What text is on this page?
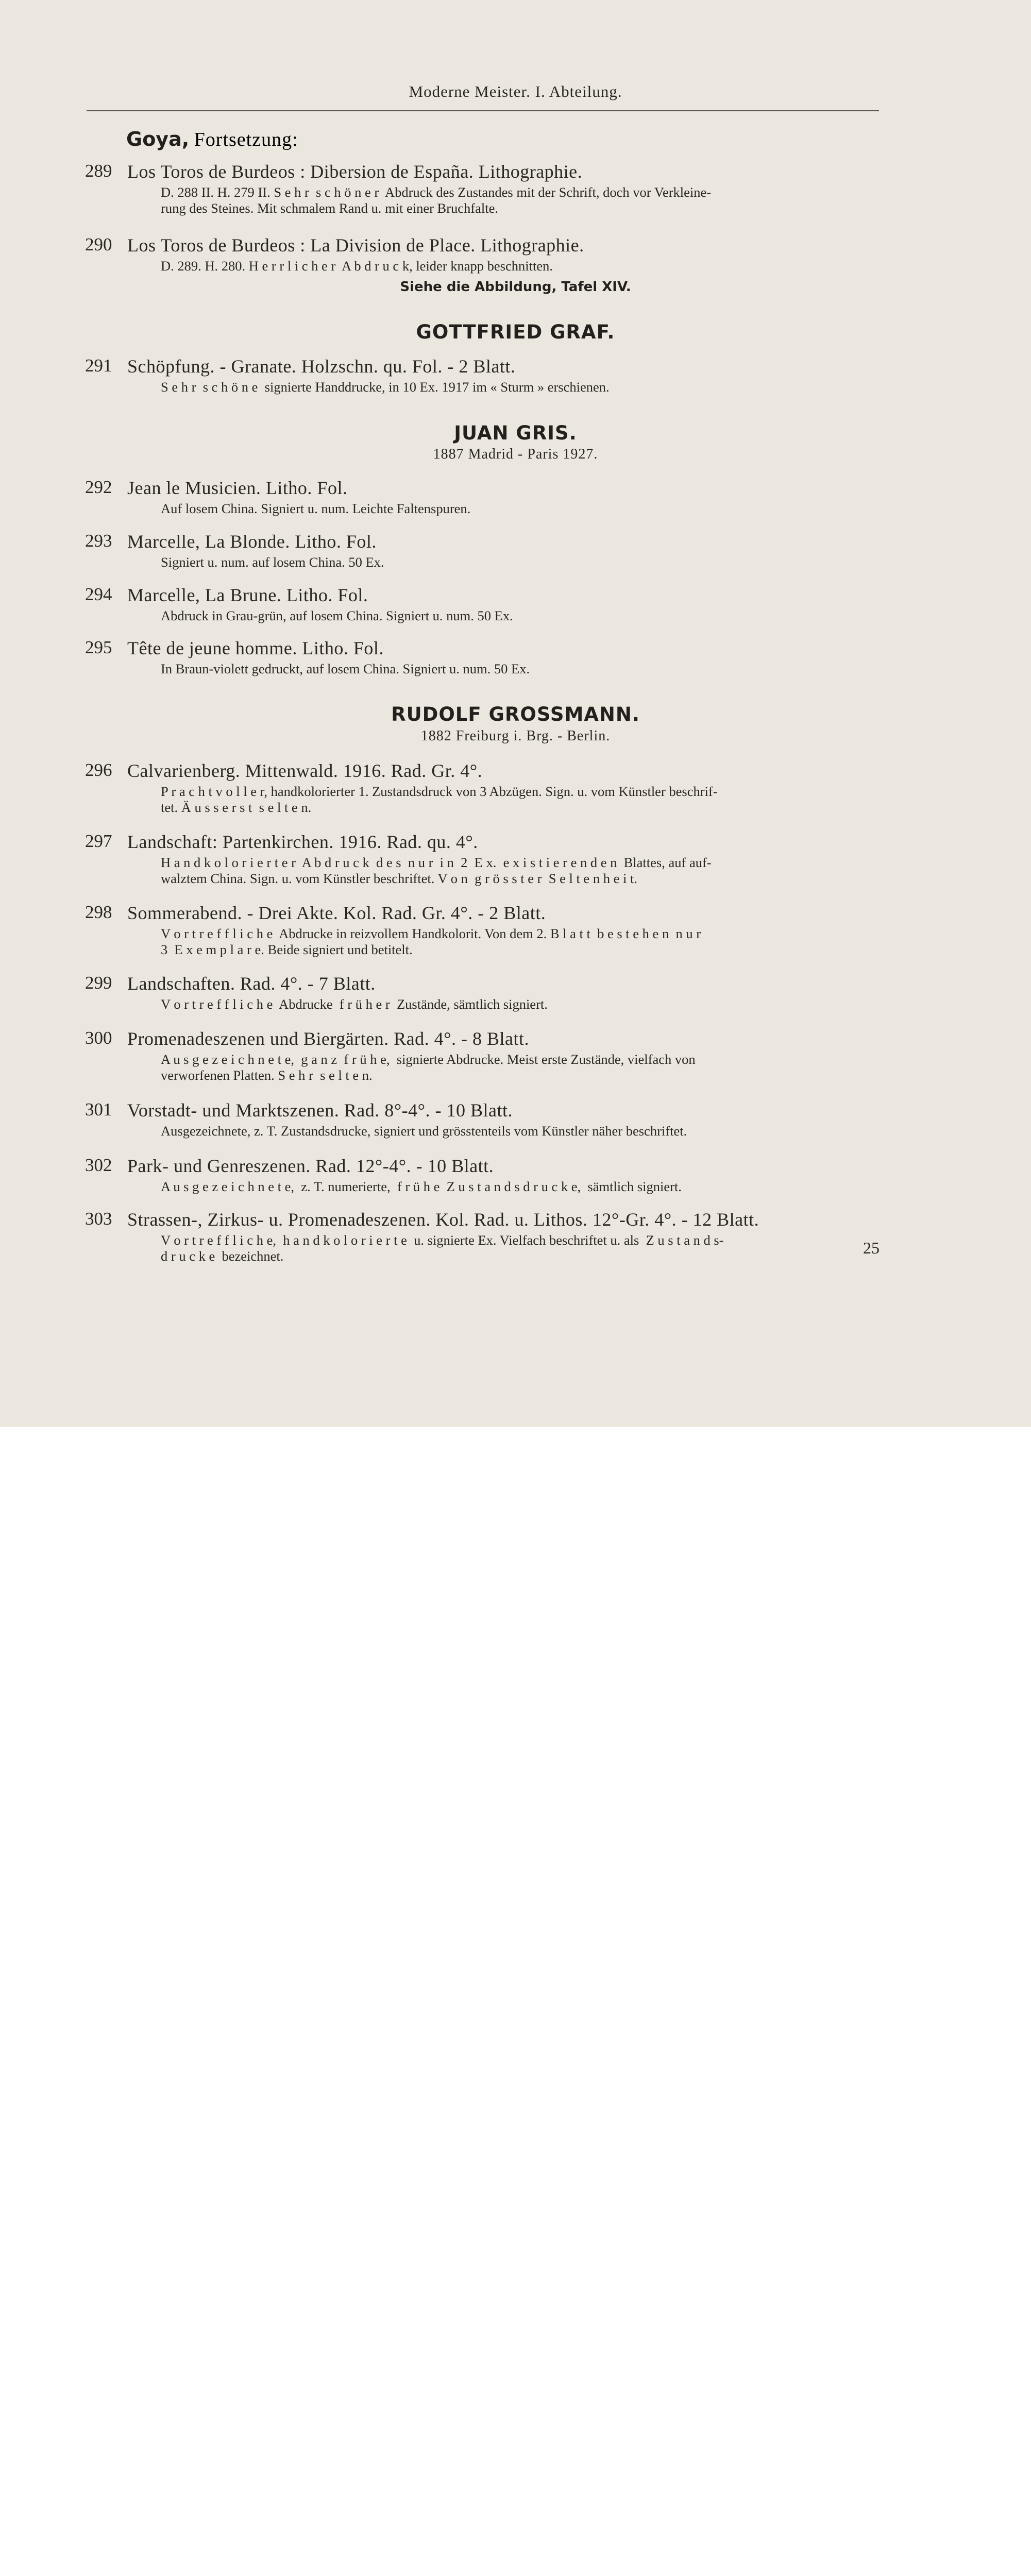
Moderne Meister. I. Abteilung.
Goya, Fortsetzung:
289 Los Toros de Burdeos : Dibersion de España. Lithographie.
D. 288 II. H. 279 II. S e h r  s c h ö n e r  Abdruck des Zustandes mit der Schrift, doch vor Verkleine-
rung des Steines. Mit schmalem Rand u. mit einer Bruchfalte.
290 Los Toros de Burdeos : La Division de Place. Lithographie.
D. 289. H. 280. H e r r l i c h e r  A b d r u c k, leider knapp beschnitten.
Siehe die Abbildung, Tafel XIV.
GOTTFRIED GRAF.
291 Schöpfung. - Granate. Holzschn. qu. Fol. - 2 Blatt.
S e h r  s c h ö n e  signierte Handdrucke, in 10 Ex. 1917 im « Sturm » erschienen.
JUAN GRIS.
1887 Madrid - Paris 1927.
292 Jean le Musicien. Litho. Fol.
Auf losem China. Signiert u. num. Leichte Faltenspuren.
293 Marcelle, La Blonde. Litho. Fol.
Signiert u. num. auf losem China. 50 Ex.
294 Marcelle, La Brune. Litho. Fol.
Abdruck in Grau-grün, auf losem China. Signiert u. num. 50 Ex.
295 Tête de jeune homme. Litho. Fol.
In Braun-violett gedruckt, auf losem China. Signiert u. num. 50 Ex.
RUDOLF GROSSMANN.
1882 Freiburg i. Brg. - Berlin.
296 Calvarienberg. Mittenwald. 1916. Rad. Gr. 4°.
P r a c h t v o l l e r, handkolorierter 1. Zustandsdruck von 3 Abzügen. Sign. u. vom Künstler beschrif-
tet. Ä u s s e r s t  s e l t e n.
297 Landschaft: Partenkirchen. 1916. Rad. qu. 4°.
H a n d k o l o r i e r t e r  A b d r u c k  d e s  n u r  i n  2  E x.  e x i s t i e r e n d e n  Blattes, auf auf-
walztem China. Sign. u. vom Künstler beschriftet. V o n  g r ö s s t e r  S e l t e n h e i t.
298 Sommerabend. - Drei Akte. Kol. Rad. Gr. 4°. - 2 Blatt.
V o r t r e f f l i c h e  Abdrucke in reizvollem Handkolorit. Von dem 2. B l a t t  b e s t e h e n  n u r
3  E x e m p l a r e. Beide signiert und betitelt.
299 Landschaften. Rad. 4°. - 7 Blatt.
V o r t r e f f l i c h e  Abdrucke  f r ü h e r  Zustände, sämtlich signiert.
300 Promenadeszenen und Biergärten. Rad. 4°. - 8 Blatt.
A u s g e z e i c h n e t e,  g a n z  f r ü h e,  signierte Abdrucke. Meist erste Zustände, vielfach von
verworfenen Platten. S e h r  s e l t e n.
301 Vorstadt- und Marktszenen. Rad. 8°-4°. - 10 Blatt.
Ausgezeichnete, z. T. Zustandsdrucke, signiert und grösstenteils vom Künstler näher beschriftet.
302 Park- und Genreszenen. Rad. 12°-4°. - 10 Blatt.
A u s g e z e i c h n e t e,  z. T. numerierte,  f r ü h e  Z u s t a n d s d r u c k e,  sämtlich signiert.
303 Strassen-, Zirkus- u. Promenadeszenen. Kol. Rad. u. Lithos. 12°-Gr. 4°. - 12 Blatt.
V o r t r e f f l i c h e,  h a n d k o l o r i e r t e  u. signierte Ex. Vielfach beschriftet u. als  Z u s t a n d s-
d r u c k e  bezeichnet.	25
